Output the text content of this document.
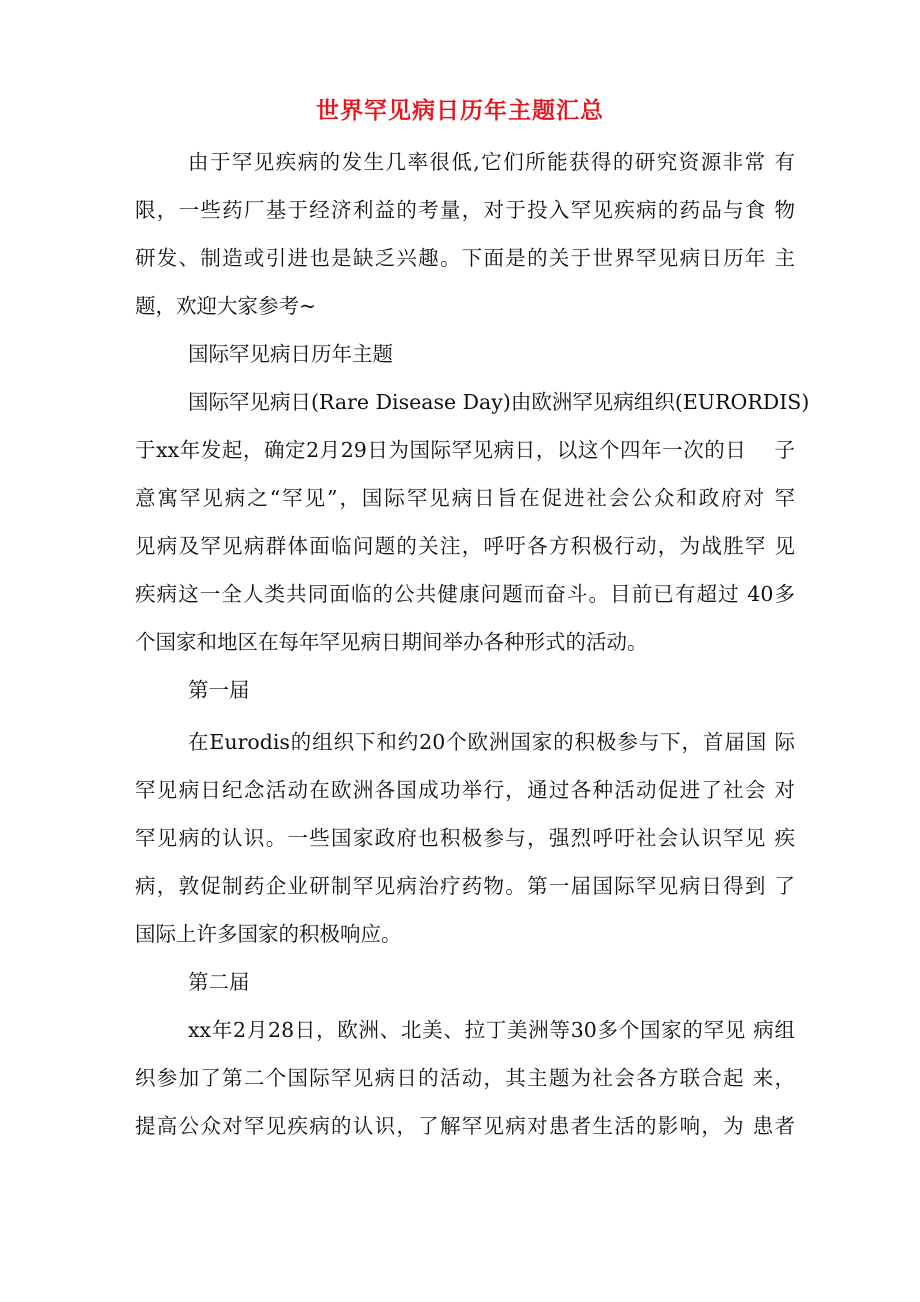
世界罕见病日历年主题汇总
由于罕见疾病的发生几率很低,它们所能获得的研究资源非常 有
限，一些药厂基于经济利益的考量，对于投入罕见疾病的药品与食 物
研发、制造或引进也是缺乏兴趣。下面是的关于世界罕见病日历年 主
题，欢迎大家参考~
国际罕见病日历年主题
国际罕见病日(Rare Disease Day)由欧洲罕见病组织(EURORDIS)
于xx年发起，确定2月29日为国际罕见病日，以这个四年一次的日　 子
意寓罕见病之“罕见”，国际罕见病日旨在促进社会公众和政府对 罕
见病及罕见病群体面临问题的关注，呼吁各方积极行动，为战胜罕 见
疾病这一全人类共同面临的公共健康问题而奋斗。目前已有超过 40多
个国家和地区在每年罕见病日期间举办各种形式的活动。
第一届
在Eurodis的组织下和约20个欧洲国家的积极参与下，首届国 际
罕见病日纪念活动在欧洲各国成功举行，通过各种活动促进了社会 对
罕见病的认识。一些国家政府也积极参与，强烈呼吁社会认识罕见 疾
病，敦促制药企业研制罕见病治疗药物。第一届国际罕见病日得到 了
国际上许多国家的积极响应。
第二届
xx年2月28日，欧洲、北美、拉丁美洲等30多个国家的罕见 病组
织参加了第二个国际罕见病日的活动，其主题为社会各方联合起 来，
提高公众对罕见疾病的认识，了解罕见病对患者生活的影响，为 患者
